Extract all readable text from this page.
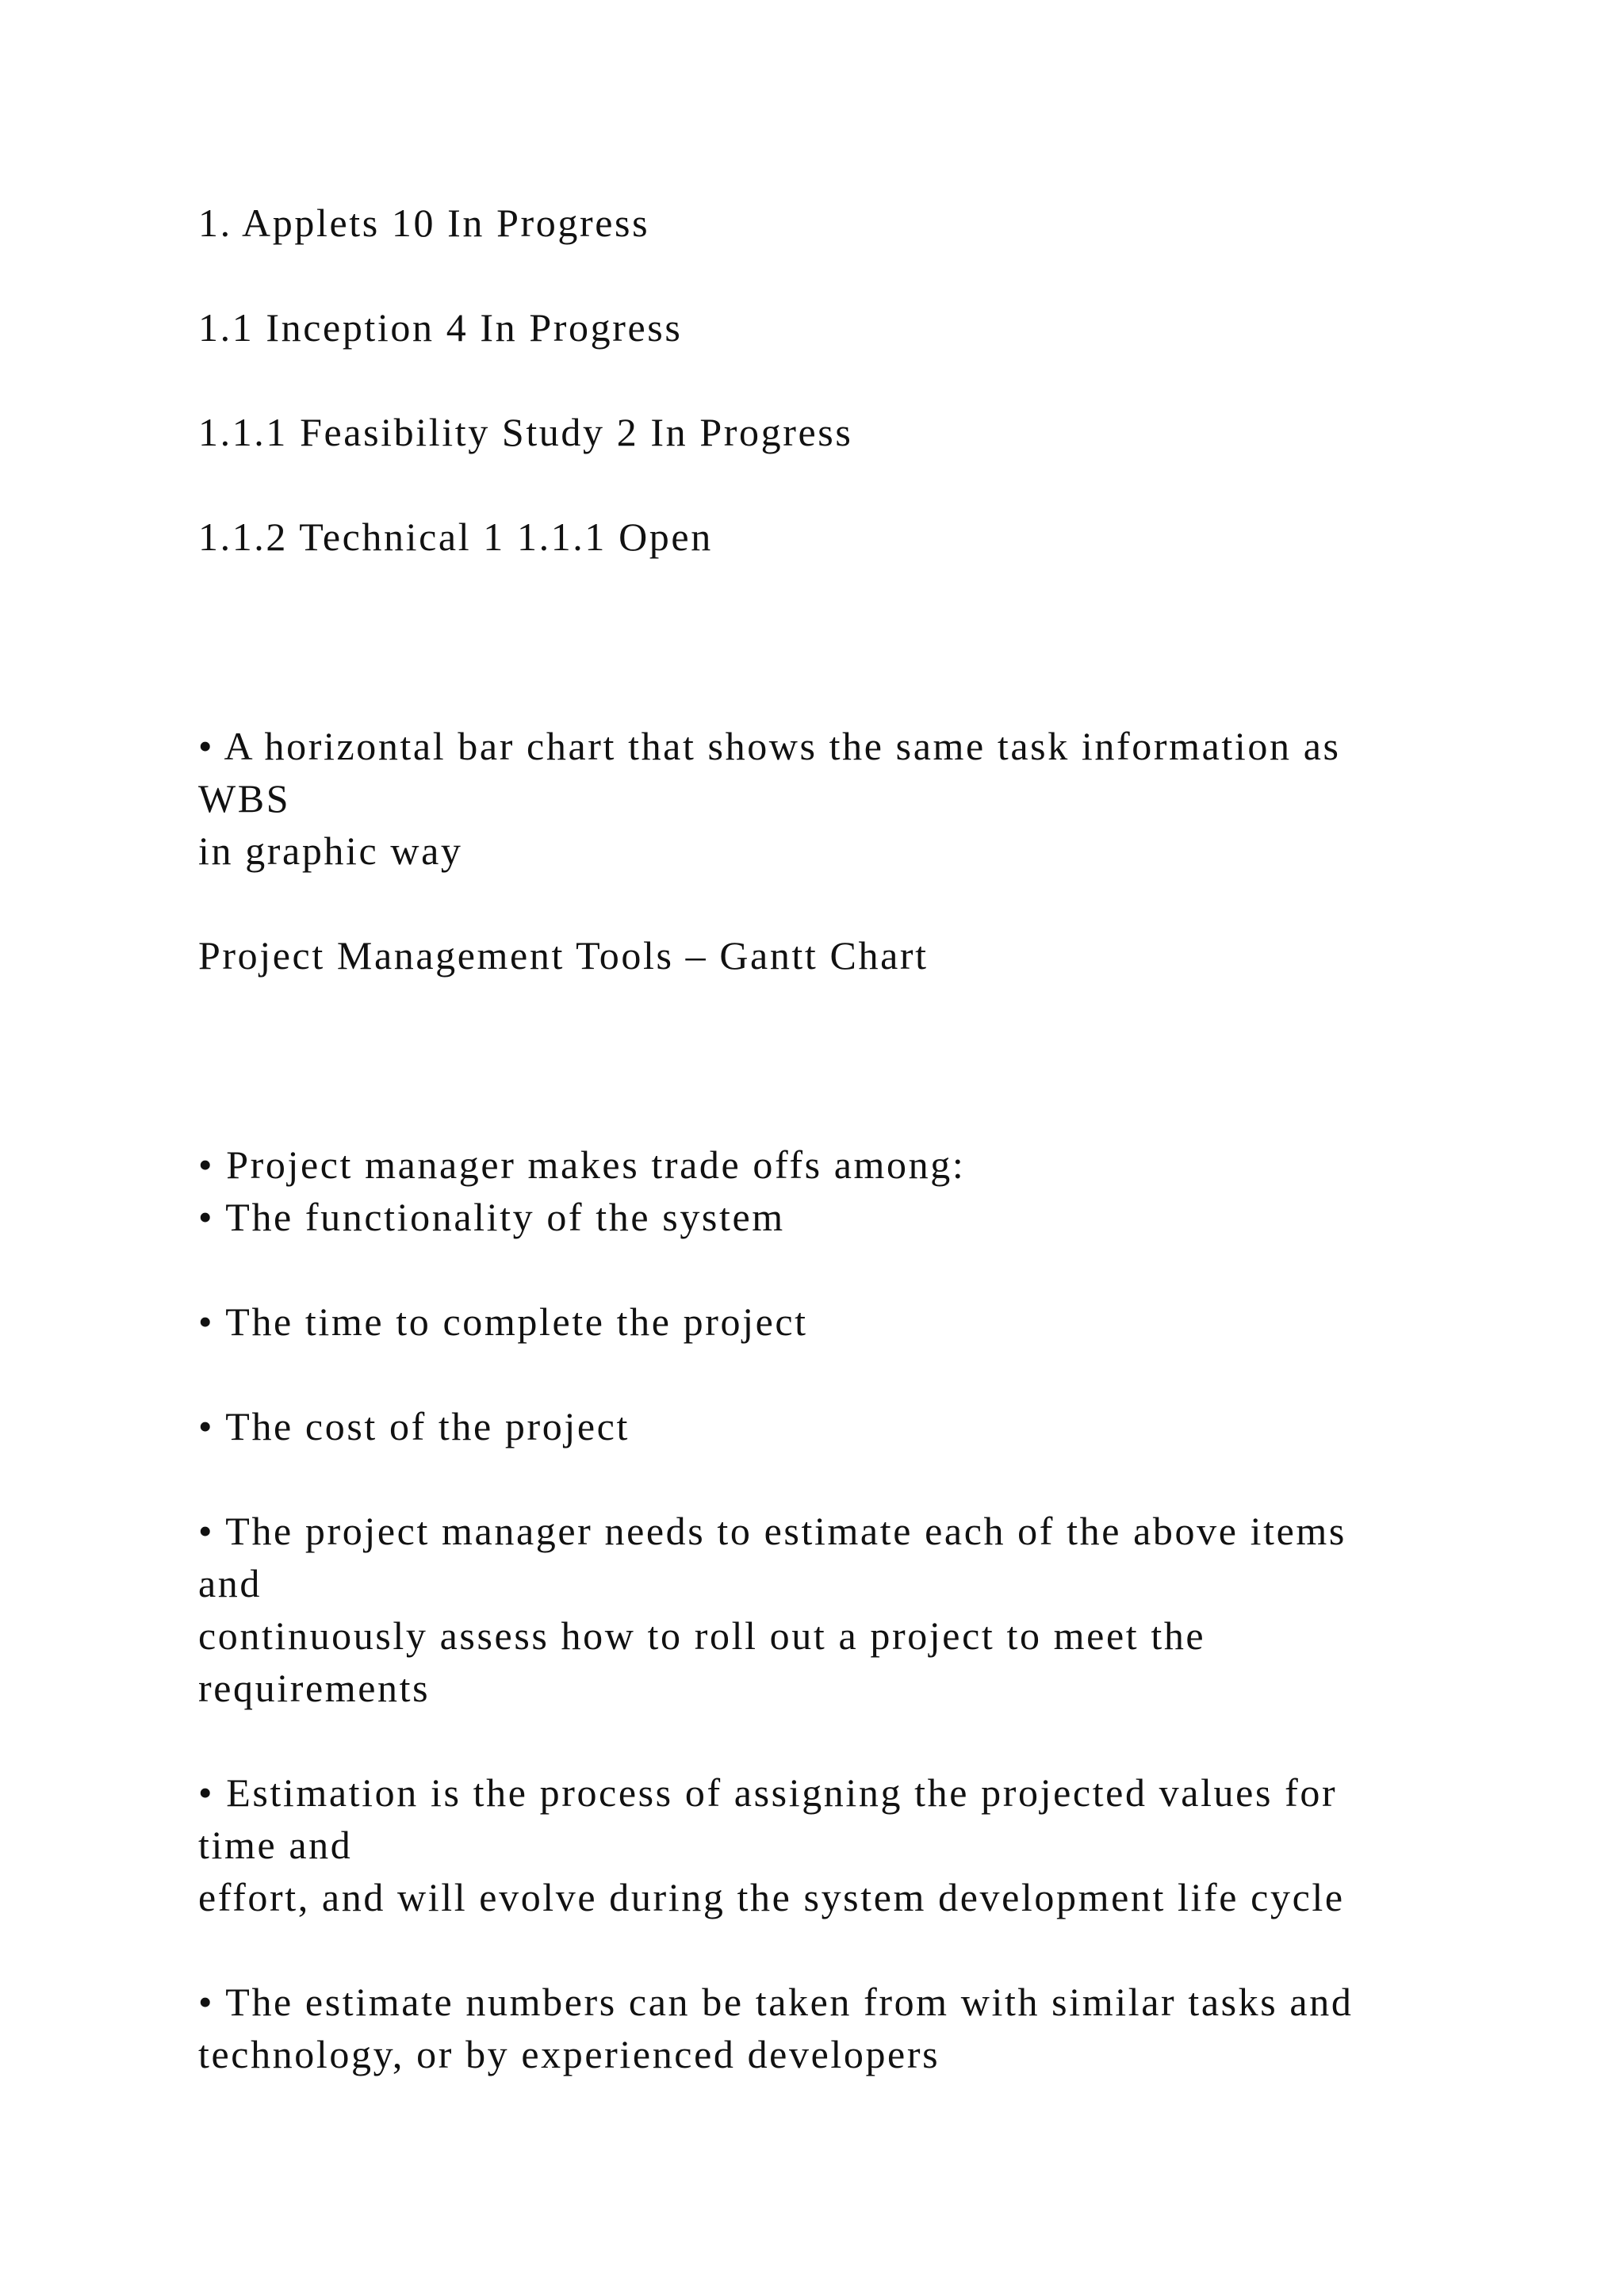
1. Applets 10 In Progress
1.1 Inception 4 In Progress
1.1.1 Feasibility Study 2 In Progress
1.1.2 Technical 1 1.1.1 Open
• A horizontal bar chart that shows the same task information as
WBS
in graphic way
Project Management Tools – Gantt Chart
• Project manager makes trade offs among:
• The functionality of the system
• The time to complete the project
• The cost of the project
• The project manager needs to estimate each of the above items
and
continuously assess how to roll out a project to meet the
requirements
• Estimation is the process of assigning the projected values for
time and
effort, and will evolve during the system development life cycle
• The estimate numbers can be taken from with similar tasks and
technology, or by experienced developers
